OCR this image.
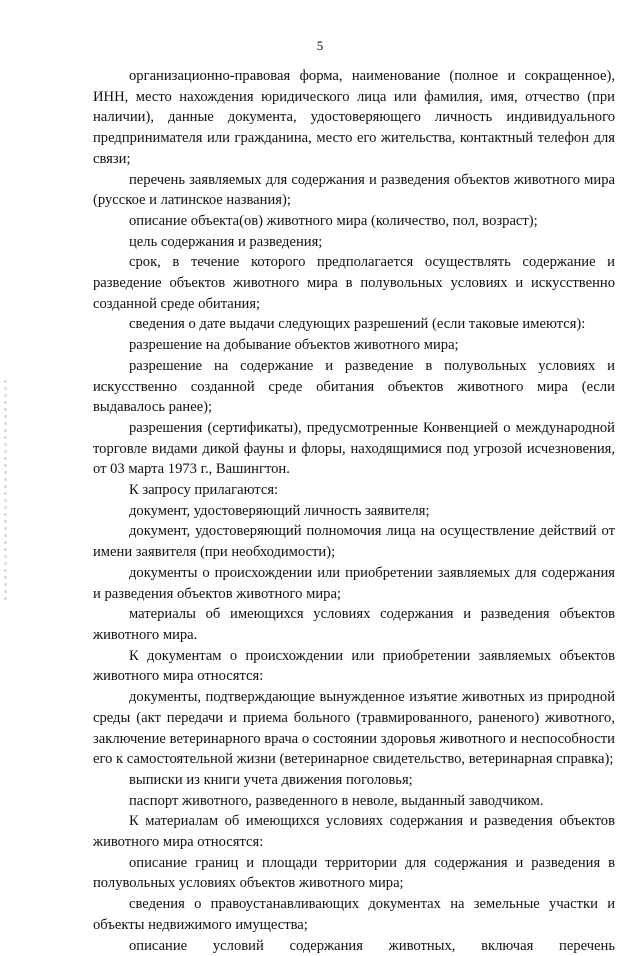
5

организационно-правовая форма, наименование (полное и сокращенное), ИНН, место нахождения юридического лица или фамилия, имя, отчество (при наличии), данные документа, удостоверяющего личность индивидуального предпринимателя или гражданина, место его жительства, контактный телефон для связи;

перечень заявляемых для содержания и разведения объектов животного мира (русское и латинское названия);

описание объекта(ов) животного мира (количество, пол, возраст);

цель содержания и разведения;

срок, в течение которого предполагается осуществлять содержание и разведение объектов животного мира в полувольных условиях и искусственно созданной среде обитания;

сведения о дате выдачи следующих разрешений (если таковые имеются):

разрешение на добывание объектов животного мира;

разрешение на содержание и разведение в полувольных условиях и искусственно созданной среде обитания объектов животного мира (если выдавалось ранее);

разрешения (сертификаты), предусмотренные Конвенцией о международной торговле видами дикой фауны и флоры, находящимися под угрозой исчезновения, от 03 марта 1973 г., Вашингтон.

К запросу прилагаются:

документ, удостоверяющий личность заявителя;

документ, удостоверяющий полномочия лица на осуществление действий от имени заявителя (при необходимости);

документы о происхождении или приобретении заявляемых для содержания и разведения объектов животного мира;

материалы об имеющихся условиях содержания и разведения объектов животного мира.

К документам о происхождении или приобретении заявляемых объектов животного мира относятся:

документы, подтверждающие вынужденное изъятие животных из природной среды (акт передачи и приема больного (травмированного, раненого) животного, заключение ветеринарного врача о состоянии здоровья животного и неспособности его к самостоятельной жизни (ветеринарное свидетельство, ветеринарная справка);

выписки из книги учета движения поголовья;

паспорт животного, разведенного в неволе, выданный заводчиком.

К материалам об имеющихся условиях содержания и разведения объектов животного мира относятся:

описание границ и площади территории для содержания и разведения в полувольных условиях объектов животного мира;

сведения о правоустанавливающих документах на земельные участки и объекты недвижимого имущества;

описание условий содержания животных, включая перечень
